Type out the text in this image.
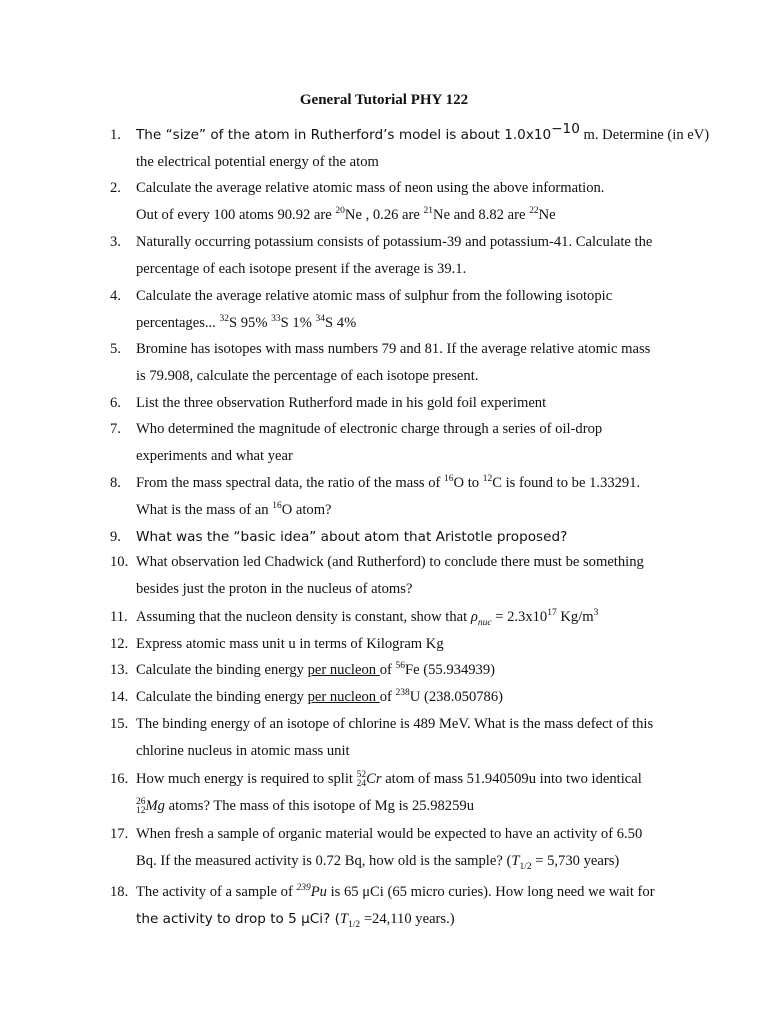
General Tutorial PHY 122
1.	The “size” of the atom in Rutherford’s model is about $1.0x10^{-10}$ m. Determine (in eV)
the electrical potential energy of the atom
2.	Calculate the average relative atomic mass of neon using the above information.
Out of every 100 atoms 90.92 are $^{20}$Ne , 0.26 are $^{21}$Ne and 8.82 are $^{22}$Ne
3.	Naturally occurring potassium consists of potassium-39 and potassium-41. Calculate the
percentage of each isotope present if the average is 39.1.
4.	Calculate the average relative atomic mass of sulphur from the following isotopic
percentages... $^{32}$S 95% $^{33}$S 1% $^{34}$S 4%
5.	Bromine has isotopes with mass numbers 79 and 81. If the average relative atomic mass
is 79.908, calculate the percentage of each isotope present.
6.	List the three observation Rutherford made in his gold foil experiment
7.	Who determined the magnitude of electronic charge through a series of oil-drop
experiments and what year
8.	From the mass spectral data, the ratio of the mass of $^{16}$O to $^{12}$C is found to be 1.33291.
What is the mass of an $^{16}$O atom?
9.	What was the “basic idea” about atom that Aristotle proposed?
10. What observation led Chadwick (and Rutherford) to conclude there must be something
besides just the proton in the nucleus of atoms?
11. Assuming that the nucleon density is constant, show that $\rho_{nuc} = 2.3x10^{17}$ $Kg/m^3$
12. Express atomic mass unit u in terms of Kilogram Kg
13. Calculate the binding energy per nucleon of $^{56}$Fe (55.934939)
14. Calculate the binding energy per nucleon of $^{238}$U (238.050786)
15. The binding energy of an isotope of chlorine is 489 MeV. What is the mass defect of this
chlorine nucleus in atomic mass unit
16. How much energy is required to split 52
24 Cr atom of mass 51.940509u into two identical
26
12 Mg atoms? The mass of this isotope of Mg is 25.98259u
17. When fresh a sample of organic material would be expected to have an activity of 6.50
Bq. If the measured activity is 0.72 Bq, how old is the sample? ($T_{1/2} = 5,730$ years)
18. The activity of a sample of $^{239}$Pu is 65 μCi (65 micro curies). How long need we wait for
the activity to drop to 5 μCi? ($T_{1/2} =24,110$ years.)
